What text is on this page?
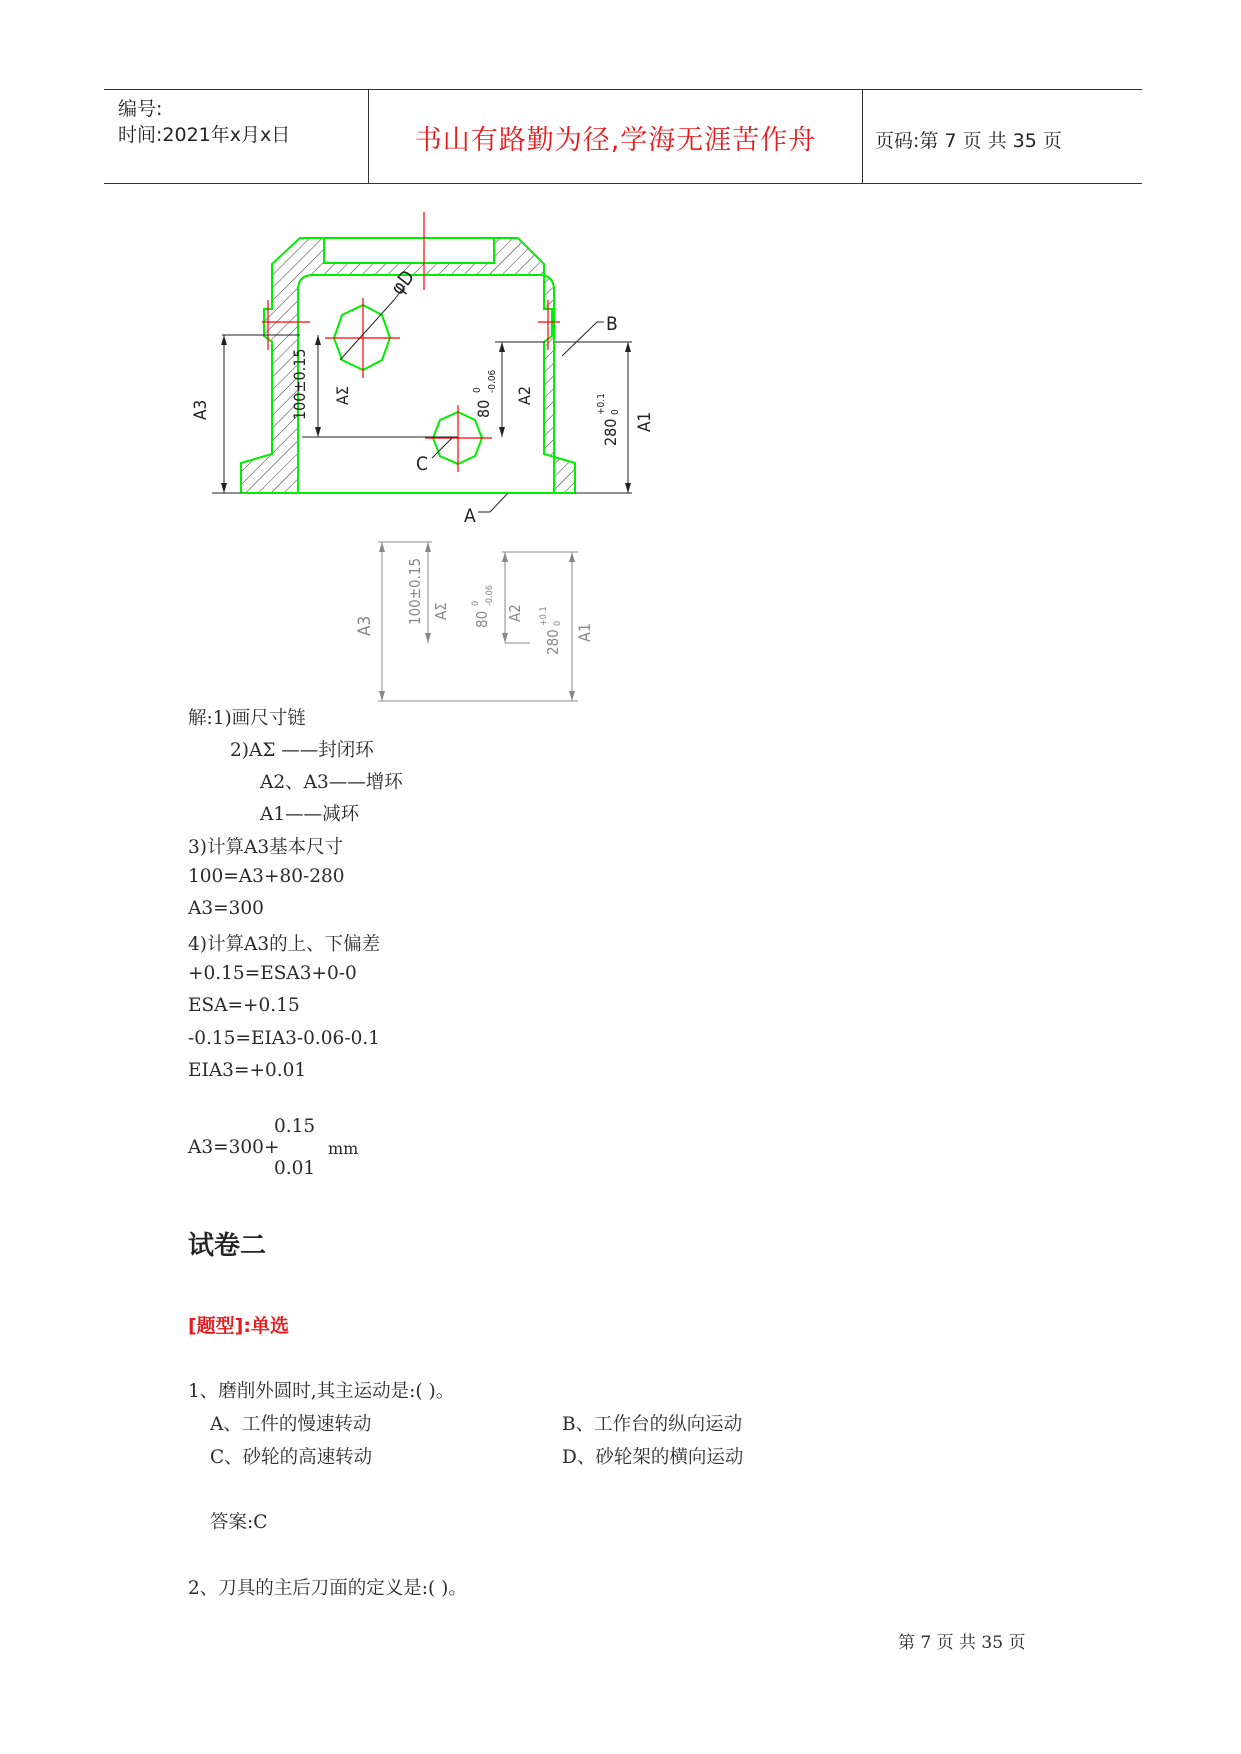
编号:
时间:2021年x月x日	书山有路勤为径,学海无涯苦作舟	页码:第 7 页 共 35 页
φD
A3	100±0.15 AΣ
80
0 -0.06
A2
280
+0.1 0 A1
B
A
C
A3
100±0.15 AΣ 80
0 -0.06
A2
280
+0.1 0 A1
解:1)画尺寸链
2)AΣ ——封闭环
A2、A3——增环
A1——减环
3)计算A3基本尺寸
100=A3+80-280
A3=300
4)计算A3的上、下偏差
+0.15=ESA3+0-0
ESA=+0.15
-0.15=EIA3-0.06-0.1
EIA3=+0.01
0.15
A3=300+
0.01
mm
试卷二
[题型]:单选
1、磨削外圆时,其主运动是:( )。
A、工件的慢速转动	B、工作台的纵向运动
C、砂轮的高速转动	D、砂轮架的横向运动
答案:C
2、刀具的主后刀面的定义是:( )。
第 7 页 共 35 页
